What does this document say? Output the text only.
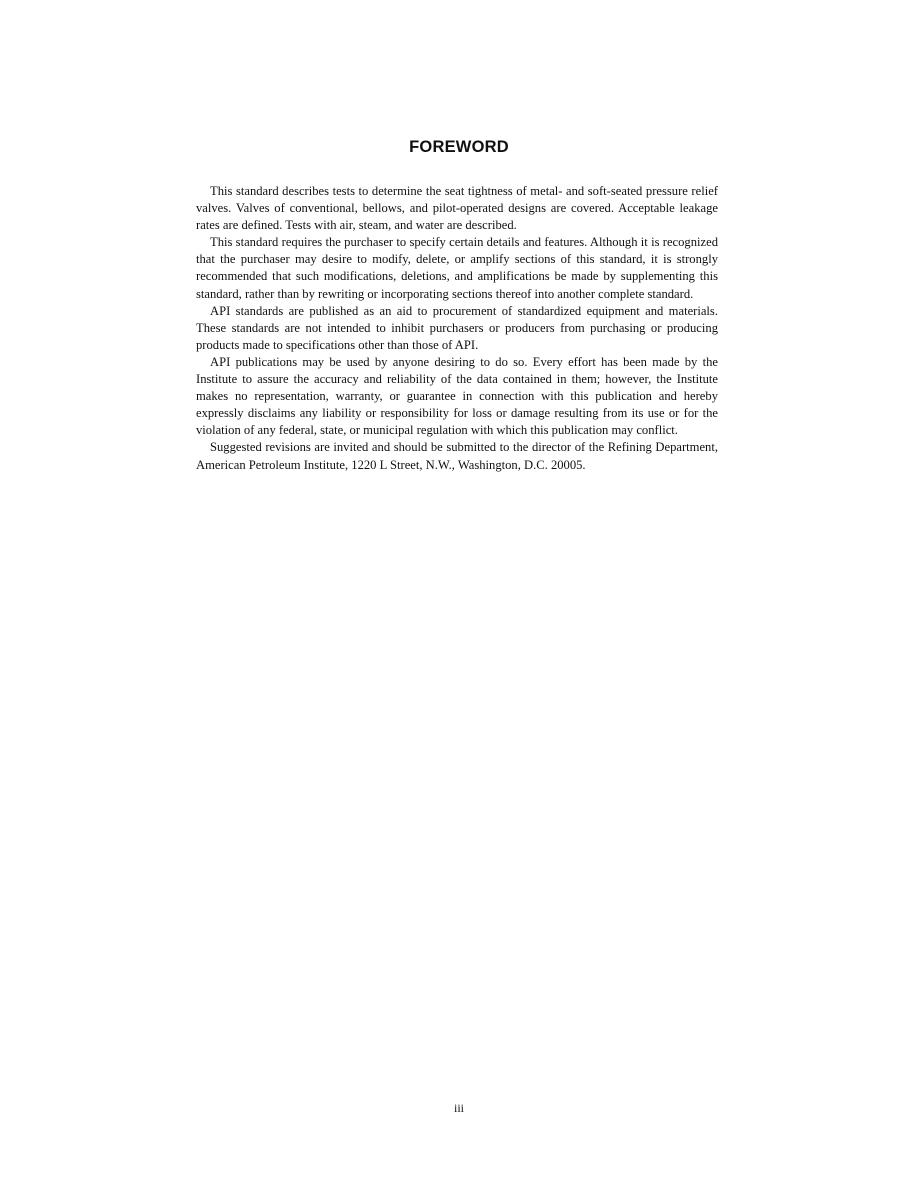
FOREWORD

This standard describes tests to determine the seat tightness of metal- and soft-seated pressure relief valves. Valves of conventional, bellows, and pilot-operated designs are covered. Acceptable leakage rates are defined. Tests with air, steam, and water are described.

This standard requires the purchaser to specify certain details and features. Although it is recognized that the purchaser may desire to modify, delete, or amplify sections of this standard, it is strongly recommended that such modifications, deletions, and amplifications be made by supplementing this standard, rather than by rewriting or incorporating sections thereof into another complete standard.

API standards are published as an aid to procurement of standardized equipment and materials. These standards are not intended to inhibit purchasers or producers from purchasing or producing products made to specifications other than those of API.

API publications may be used by anyone desiring to do so. Every effort has been made by the Institute to assure the accuracy and reliability of the data contained in them; however, the Institute makes no representation, warranty, or guarantee in connection with this publication and hereby expressly disclaims any liability or responsibility for loss or damage resulting from its use or for the violation of any federal, state, or municipal regulation with which this publication may conflict.

Suggested revisions are invited and should be submitted to the director of the Refining Department, American Petroleum Institute, 1220 L Street, N.W., Washington, D.C. 20005.

iii
